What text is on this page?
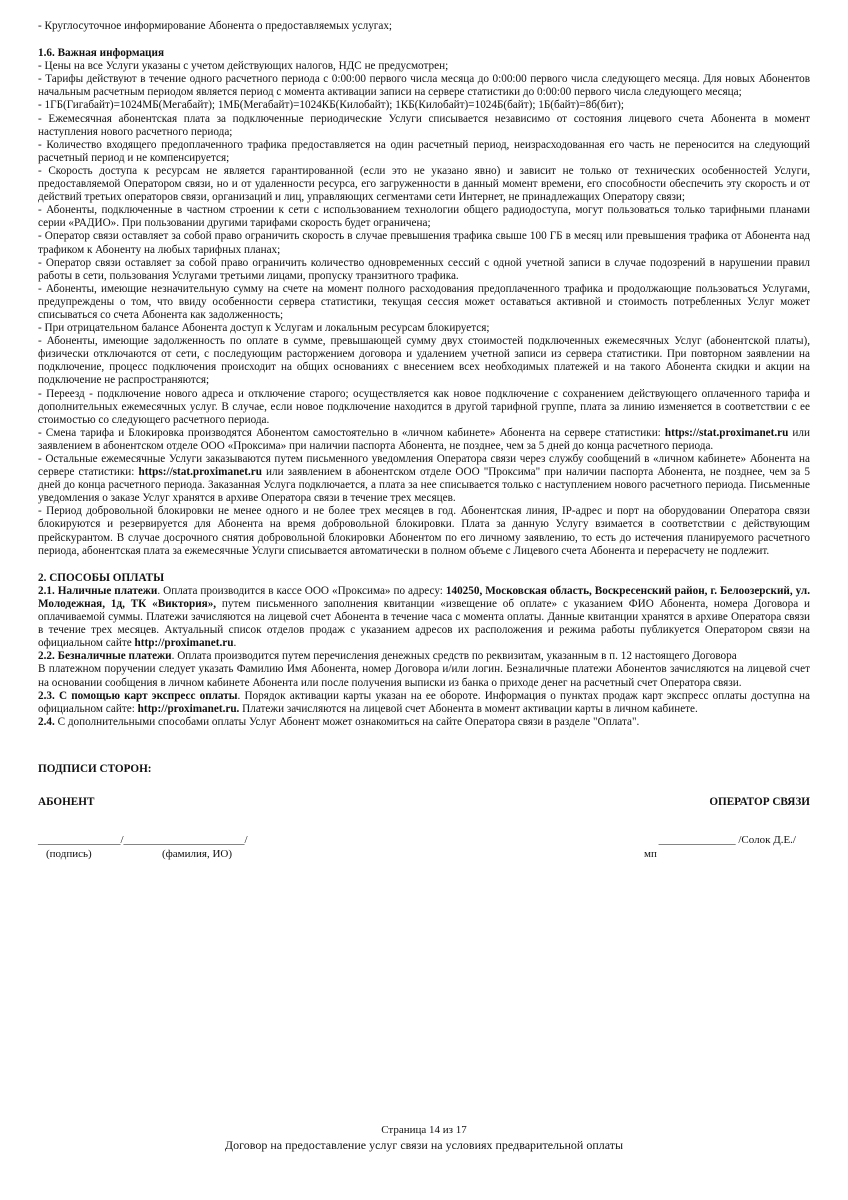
- Круглосуточное информирование Абонента о предоставляемых услугах;

1.6. Важная информация

- Цены на все Услуги указаны с учетом действующих налогов, НДС не предусмотрен;

- Тарифы действуют в течение одного расчетного периода с 0:00:00 первого числа месяца до 0:00:00 первого числа следующего месяца. Для новых Абонентов начальным расчетным периодом является период с момента активации записи на сервере статистики до 0:00:00 первого числа следующего месяца;

- 1ГБ(Гигабайт)=1024МБ(Мегабайт); 1МБ(Мегабайт)=1024КБ(Килобайт); 1КБ(Килобайт)=1024Б(байт); 1Б(байт)=8б(бит);

- Ежемесячная абонентская плата за подключенные периодические Услуги списывается независимо от состояния лицевого счета Абонента в момент наступления нового расчетного периода;

- Количество входящего предоплаченного трафика предоставляется на один расчетный период, неизрасходованная его часть не переносится на следующий расчетный период и не компенсируется;

- Скорость доступа к ресурсам не является гарантированной (если это не указано явно) и зависит не только от технических особенностей Услуги, предоставляемой Оператором связи, но и от удаленности ресурса, его загруженности в данный момент времени, его способности обеспечить эту скорость и от действий третьих операторов связи, организаций и лиц, управляющих сегментами сети Интернет, не принадлежащих Оператору связи;

- Абоненты, подключенные в частном строении к сети с использованием технологии общего радиодоступа, могут пользоваться только тарифными планами серии «РАДИО». При пользовании другими тарифами скорость будет ограничена;

- Оператор связи оставляет за собой право ограничить скорость в случае превышения трафика свыше 100 ГБ в месяц или превышения трафика от Абонента над трафиком к Абоненту на любых тарифных планах;

- Оператор связи оставляет за собой право ограничить количество одновременных сессий с одной учетной записи в случае подозрений в нарушении правил работы в сети, пользования Услугами третьими лицами, пропуску транзитного трафика.

- Абоненты, имеющие незначительную сумму на счете на момент полного расходования предоплаченного трафика и продолжающие пользоваться Услугами, предупреждены о том, что ввиду особенности сервера статистики, текущая сессия может оставаться активной и стоимость потребленных Услуг может списываться со счета Абонента как задолженность;

- При отрицательном балансе Абонента доступ к Услугам и локальным ресурсам блокируется;

- Абоненты, имеющие задолженность по оплате в сумме, превышающей сумму двух стоимостей подключенных ежемесячных Услуг (абонентской платы), физически отключаются от сети, с последующим расторжением договора и удалением учетной записи из сервера статистики. При повторном заявлении на подключение, процесс подключения происходит на общих основаниях с внесением всех необходимых платежей и на такого Абонента скидки и акции на подключение не распространяются;

- Переезд - подключение нового адреса и отключение старого; осуществляется как новое подключение с сохранением действующего оплаченного тарифа и дополнительных ежемесячных услуг. В случае, если новое подключение находится в другой тарифной группе, плата за линию изменяется в соответствии с ее стоимостью со следующего расчетного периода.

- Смена тарифа и Блокировка производятся Абонентом самостоятельно в «личном кабинете» Абонента на сервере статистики: https://stat.proximanet.ru или заявлением в абонентском отделе ООО «Проксима» при наличии паспорта Абонента, не позднее, чем за 5 дней до конца расчетного периода.

- Остальные ежемесячные Услуги заказываются путем письменного уведомления Оператора связи через службу сообщений в «личном кабинете» Абонента на сервере статистики: https://stat.proximanet.ru или заявлением в абонентском отделе ООО "Проксима" при наличии паспорта Абонента, не позднее, чем за 5 дней до конца расчетного периода. Заказанная Услуга подключается, а плата за нее списывается только с наступлением нового расчетного периода. Письменные уведомления о заказе Услуг хранятся в архиве Оператора связи в течение трех месяцев.

- Период добровольной блокировки не менее одного и не более трех месяцев в год. Абонентская линия, IP-адрес и порт на оборудовании Оператора связи блокируются и резервируется для Абонента на время добровольной блокировки. Плата за данную Услугу взимается в соответствии с действующим прейскурантом. В случае досрочного снятия добровольной блокировки Абонентом по его личному заявлению, то есть до истечения планируемого расчетного периода, абонентская плата за ежемесячные Услуги списывается автоматически в полном объеме с Лицевого счета Абонента и перерасчету не подлежит.

2. СПОСОБЫ ОПЛАТЫ

2.1. Наличные платежи. Оплата производится в кассе ООО «Проксима» по адресу: 140250, Московская область, Воскресенский район, г. Белоозерский, ул. Молодежная, 1д, ТК «Виктория», путем письменного заполнения квитанции «извещение об оплате» с указанием ФИО Абонента, номера Договора и оплачиваемой суммы. Платежи зачисляются на лицевой счет Абонента в течение часа с момента оплаты. Данные квитанции хранятся в архиве Оператора связи в течение трех месяцев. Актуальный список отделов продаж с указанием адресов их расположения и режима работы публикуется Оператором связи на официальном сайте http://proximanet.ru.

2.2. Безналичные платежи. Оплата производится путем перечисления денежных средств по реквизитам, указанным в п. 12 настоящего Договора

В платежном поручении следует указать Фамилию Имя Абонента, номер Договора и/или логин. Безналичные платежи Абонентов зачисляются на лицевой счет на основании сообщения в личном кабинете Абонента или после получения выписки из банка о приходе денег на расчетный счет Оператора связи.

2.3. С помощью карт экспресс оплаты. Порядок активации карты указан на ее обороте. Информация о пунктах продаж карт экспресс оплаты доступна на официальном сайте: http://proximanet.ru. Платежи зачисляются на лицевой счет Абонента в момент активации карты в личном кабинете.

2.4. С дополнительными способами оплаты Услуг Абонент может ознакомиться на сайте Оператора связи в разделе "Оплата".

ПОДПИСИ СТОРОН:

АБОНЕНТ	ОПЕРАТОР СВЯЗИ
_______________/______________________/	______________ /Солок Д.Е./
(подпись)	(фамилия, ИО)	мп
Страница 14 из 17
Договор на предоставление услуг связи на условиях предварительной оплаты
